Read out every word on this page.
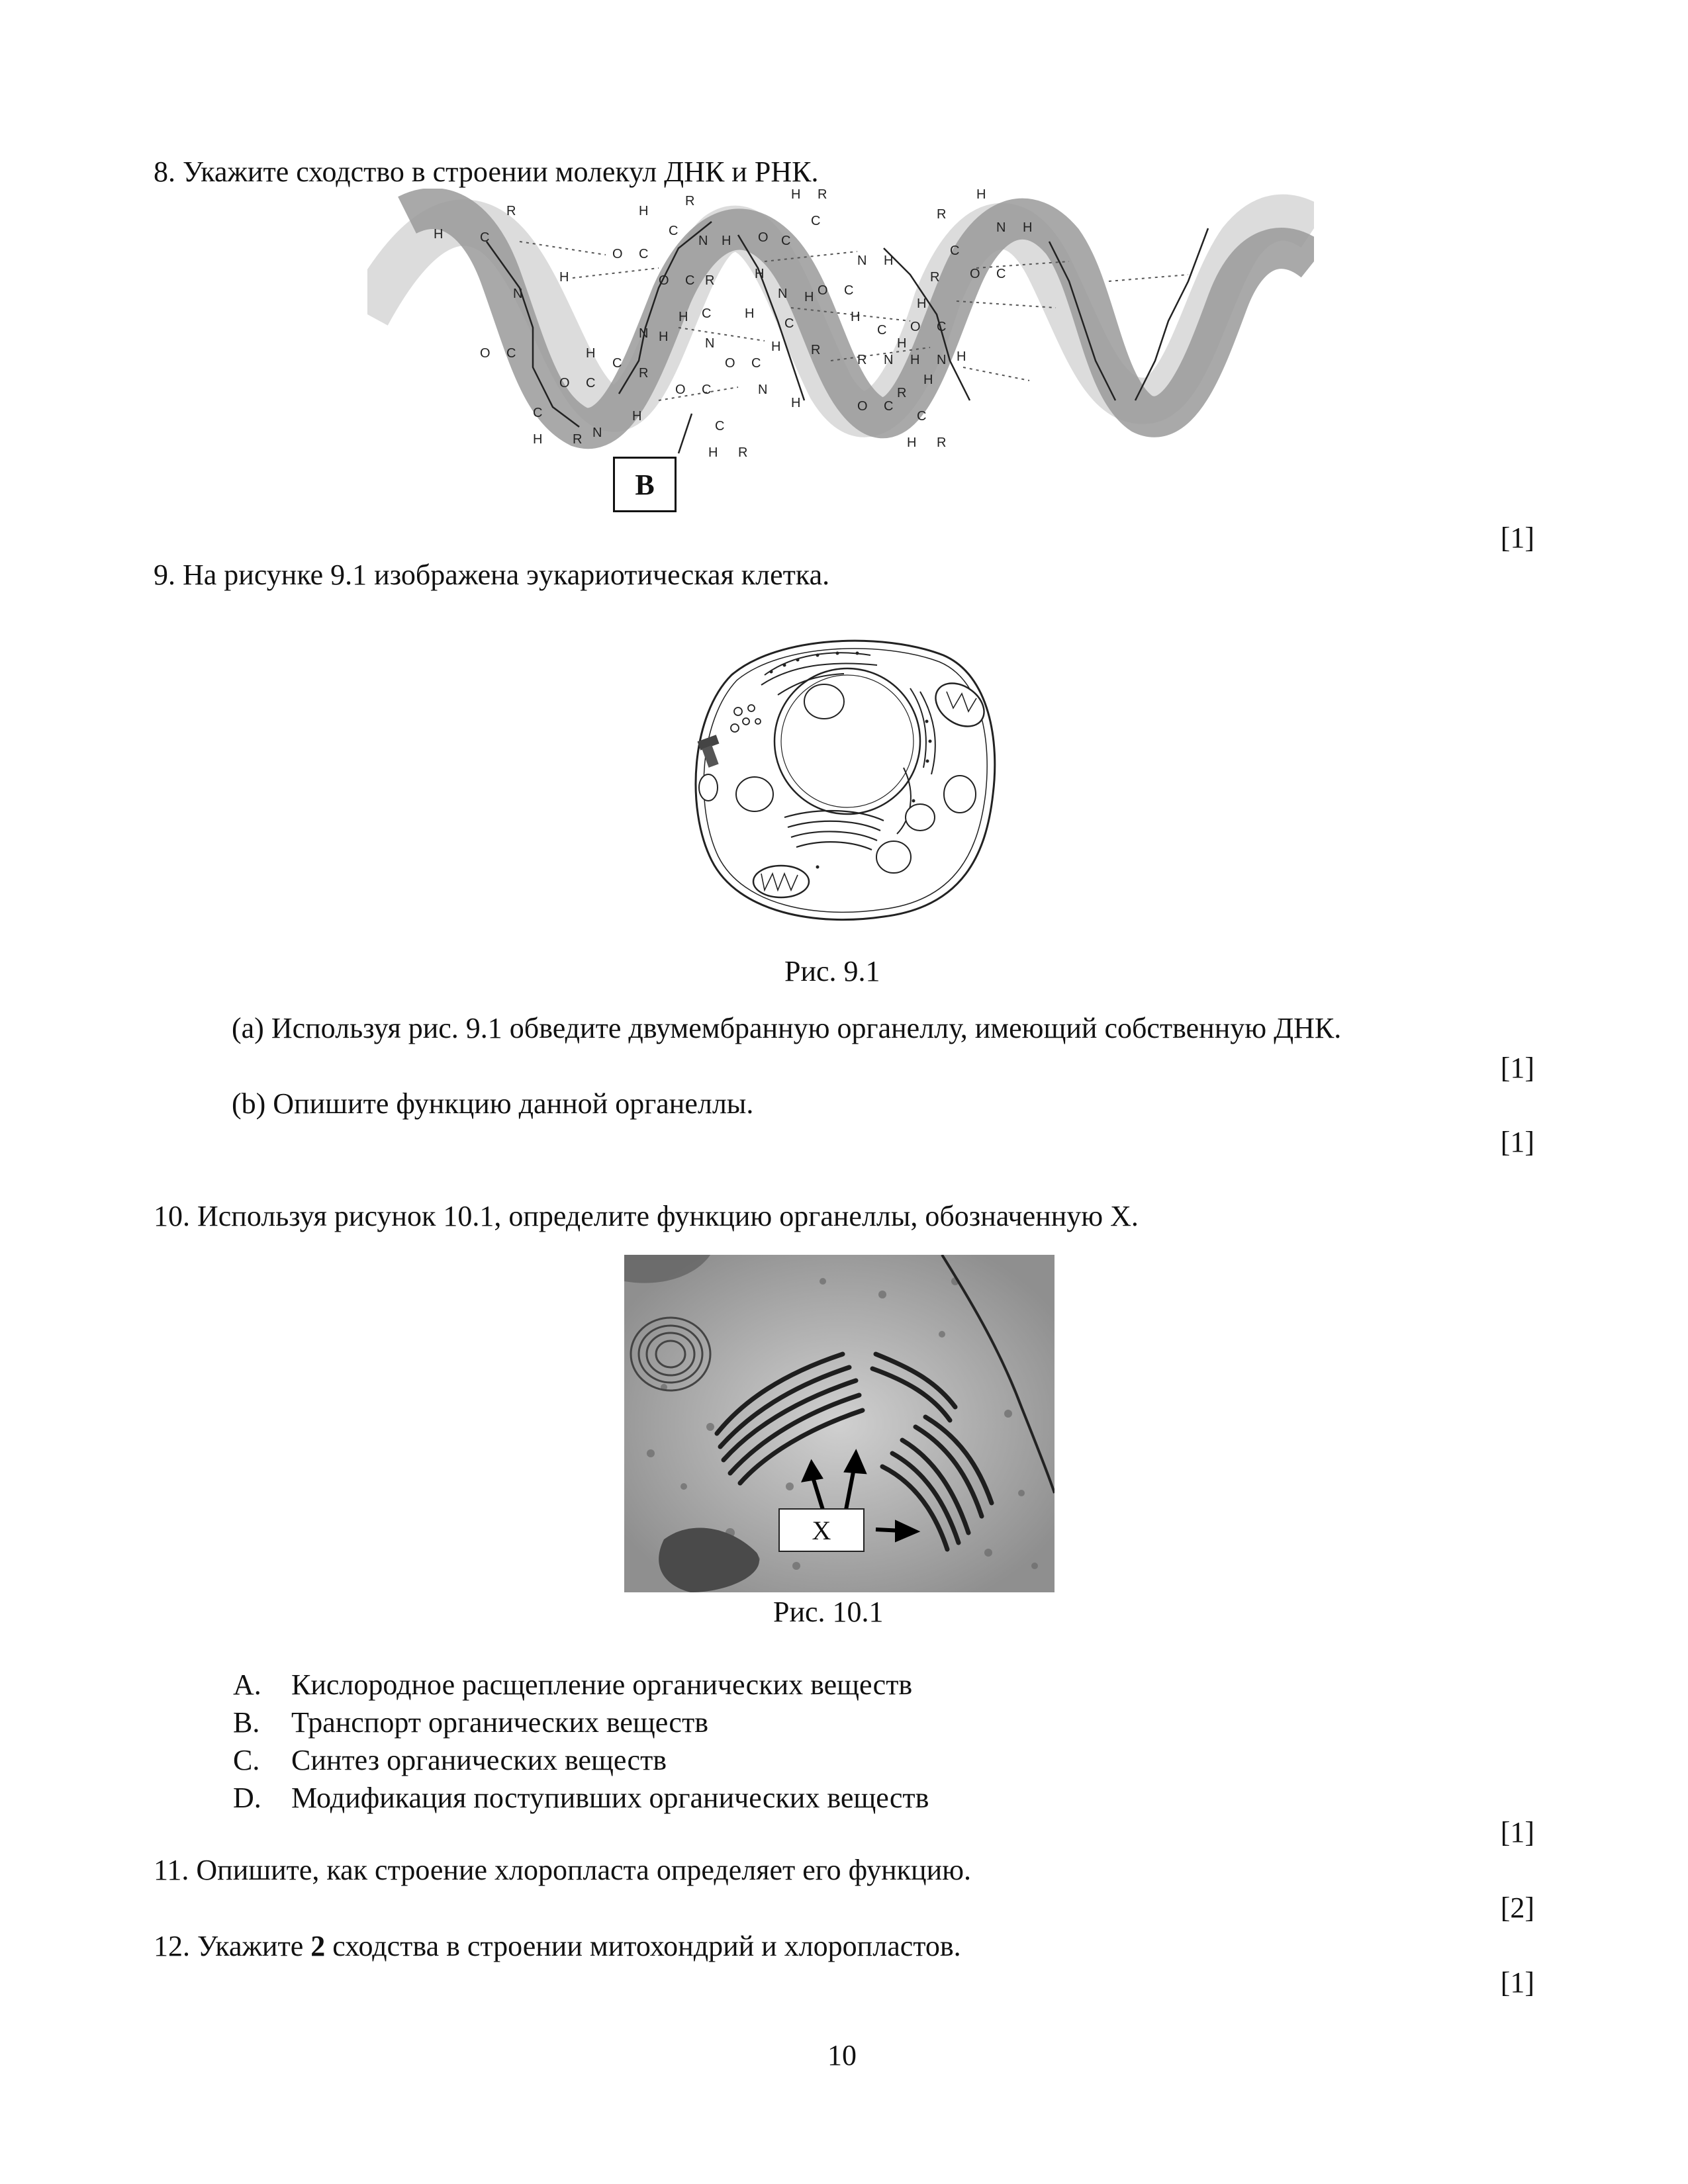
8. Укажите сходство в строении молекул ДНК и РНК.
C
R
H
N
H
O C
C
H R N
H
O C
H
C
R
N H
O C
O C
H
C
R
N H
R
H C
N	H
O C
C
H R
N
O C
C
H
R
H
N H
O C
H R
C
N H
O C
H
C
R
H
N H
H	O C
R
C
H R
H
N H
O C
H
R
C
H
R
N H
O C
B
[1]
9. На рисунке 9.1 изображена эукариотическая клетка.
Рис. 9.1
(a) Используя рис. 9.1 обведите двумембранную органеллу, имеющий собственную ДНК.
[1]
(b) Опишите функцию данной органеллы.
[1]
10. Используя рисунок 10.1, определите функцию органеллы, обозначенную X.
X
Рис. 10.1
A. Кислородное расщепление органических веществ
B. Транспорт органических веществ
C. Синтез органических веществ
D. Модификация поступивших органических веществ
[1]
11. Опишите, как строение хлоропласта определяет его функцию.
[2]
12. Укажите 2 сходства в строении митохондрий и хлоропластов.
[1]
10
